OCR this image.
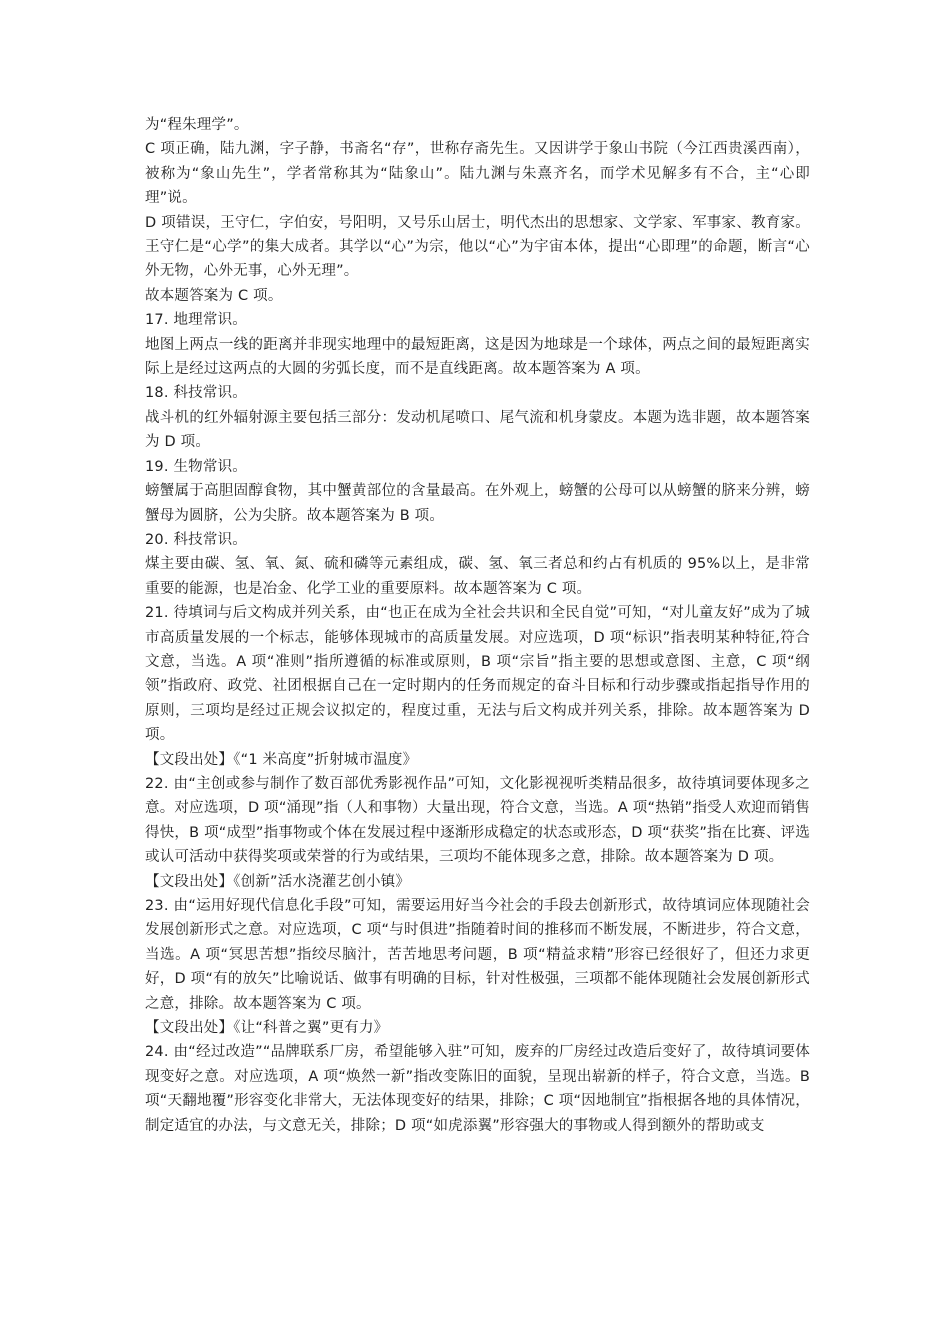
为“程朱理学”。

C 项正确，陆九渊，字子静，书斋名“存”，世称存斋先生。又因讲学于象山书院（今江西贵溪西南），被称为“象山先生”，学者常称其为“陆象山”。陆九渊与朱熹齐名，而学术见解多有不合，主“心即理”说。

D 项错误，王守仁，字伯安，号阳明，又号乐山居士，明代杰出的思想家、文学家、军事家、教育家。王守仁是“心学”的集大成者。其学以“心”为宗，他以“心”为宇宙本体，提出“心即理”的命题，断言“心外无物，心外无事，心外无理”。

故本题答案为 C 项。

17. 地理常识。

地图上两点一线的距离并非现实地理中的最短距离，这是因为地球是一个球体，两点之间的最短距离实际上是经过这两点的大圆的劣弧长度，而不是直线距离。故本题答案为 A 项。

18. 科技常识。

战斗机的红外辐射源主要包括三部分：发动机尾喷口、尾气流和机身蒙皮。本题为选非题，故本题答案为 D 项。

19. 生物常识。

螃蟹属于高胆固醇食物，其中蟹黄部位的含量最高。在外观上，螃蟹的公母可以从螃蟹的脐来分辨，螃蟹母为圆脐，公为尖脐。故本题答案为 B 项。

20. 科技常识。

煤主要由碳、氢、氧、氮、硫和磷等元素组成，碳、氢、氧三者总和约占有机质的 95%以上，是非常重要的能源，也是冶金、化学工业的重要原料。故本题答案为 C 项。

21. 待填词与后文构成并列关系，由“也正在成为全社会共识和全民自觉”可知，“对儿童友好”成为了城市高质量发展的一个标志，能够体现城市的高质量发展。对应选项，D 项“标识”指表明某种特征,符合文意，当选。A 项“准则”指所遵循的标准或原则，B 项“宗旨”指主要的思想或意图、主意，C 项“纲领”指政府、政党、社团根据自己在一定时期内的任务而规定的奋斗目标和行动步骤或指起指导作用的原则，三项均是经过正规会议拟定的，程度过重，无法与后文构成并列关系，排除。故本题答案为 D 项。

【文段出处】《“1 米高度”折射城市温度》

22. 由“主创或参与制作了数百部优秀影视作品”可知，文化影视视听类精品很多，故待填词要体现多之意。对应选项，D 项“涌现”指（人和事物）大量出现，符合文意，当选。A 项“热销”指受人欢迎而销售得快，B 项“成型”指事物或个体在发展过程中逐渐形成稳定的状态或形态，D 项“获奖”指在比赛、评选或认可活动中获得奖项或荣誉的行为或结果，三项均不能体现多之意，排除。故本题答案为 D 项。

【文段出处】《创新”活水浇灌艺创小镇》

23. 由“运用好现代信息化手段”可知，需要运用好当今社会的手段去创新形式，故待填词应体现随社会发展创新形式之意。对应选项，C 项“与时俱进”指随着时间的推移而不断发展，不断进步，符合文意，当选。A 项“冥思苦想”指绞尽脑汁，苦苦地思考问题，B 项“精益求精”形容已经很好了，但还力求更好，D 项“有的放矢”比喻说话、做事有明确的目标，针对性极强，三项都不能体现随社会发展创新形式之意，排除。故本题答案为 C 项。

【文段出处】《让“科普之翼”更有力》

24. 由“经过改造”“品牌联系厂房，希望能够入驻”可知，废弃的厂房经过改造后变好了，故待填词要体现变好之意。对应选项，A 项“焕然一新”指改变陈旧的面貌，呈现出崭新的样子，符合文意，当选。B 项“天翻地覆”形容变化非常大，无法体现变好的结果，排除；C 项“因地制宜”指根据各地的具体情况，制定适宜的办法，与文意无关，排除；D 项“如虎添翼”形容强大的事物或人得到额外的帮助或支
